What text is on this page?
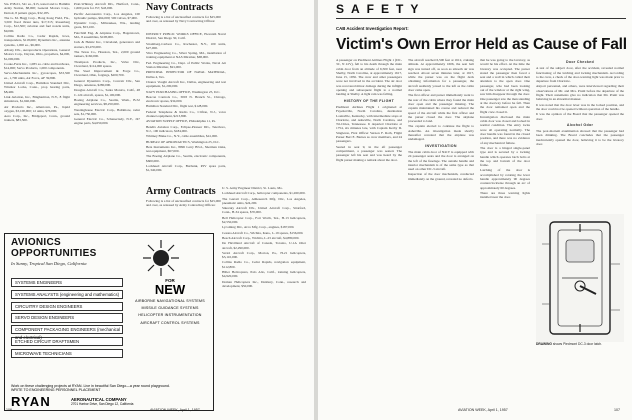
Sta. P38-01, 341 ea., $15, tested and to Hamiltn Army Station, $8,000; General Motors Corp., Detroit, 8 pattern gages, $32,185.

The G. M. Hugg Corp., Hong Kong Field, Fla., 3,500 flood thrust nuts, $17,315; Rosenberg Corp., $12,500; aviation and fuel nozzle units, $9,000.

Collins Radio Co., Cedar Rapids, Iowa, transponders, $118,000; Dynamics Inc., antenna systems, 1,000 ea., $6,000.

Albany Div., Aeroproducts Operations, General Motors Corp., Dayton, Ohio, propellers, $4,000, $1,000,000.

Cooke-Furrs Inc., 1,083 ea. cable and hardware, $14,000; Servo Products, 1,000 components.

Servo-Mechanisms Inc., gyroscopes, $33,500 ea., 1,700 units, Air Force, AF 39,800.

United Aircraft Corp., Hamilton Standard Div., Windsor Locks, Conn., prop bearing parts, $8,400.

Link Aviation, Inc., Binghamton, N.Y., 8 flight simulators, $1,940,000.

Air Products Inc., Allentown, Pa., liquid oxygen, $3,100,000; 12 units, $76,000.

Aero Corp., Inc., Bridgeport, Conn., ground trainers, $83,500.

Pratt-Whitney Aircraft Div., Hartford, Conn., 1,600 parts for J57, $43,000.

Pacific Aeronautics Corp., Los Angeles, 100 hydraulic pumps, $64,000; 500 valves, $7,900.

Dynamic Corp., Milwaukee, Wis., landing gears, $53,100.

Fairchild Eng. & Airplane Corp., Hagerstown, Md., 8 assemblies, $108,000.

Jack & Heintz Inc., Cleveland, generators and starters, $3,470,000.

The Texas Co., Houston, Tex., 2,000 ground tankers, $160,000.

Thompson Products, Inc., Valve Div., Cleveland, $114,000 spares.

The Steel Improvement & Forge Co., Cleveland, Ohio, forgings, $200,700.

General Dynamics Corp., Convair Div., San Diego, antennas, $280,000.

Douglas Aircraft Co., Santa Monica, Calif., 48 C-124 aircraft, spares, $1,100,000.

Boeing Airplane Co., Seattle, Wash., B-52 engineering services, $8,250,000.

Westinghouse Electric Corp., Baltimore, radar sets, $1,750,000.

General Electric Co., Schenectady, N.Y., J47 engine parts, $4,650,000.

Navy Contracts
Following is a list of unclassified contracts for $25,000 and over, as released by Navy Contracting Offices:

DISTRICT PUBLIC WORKS OFFICE, Eleventh Naval District, San Diego 30, Calif.

Stromberg-Carlson Co., Rochester, N.Y., 100 units, $27,000.

Vitro Engineering Co., Silver Spring, Md., installation of training equipment at NAS Miramar, $68,000.

Fed. Engineering Co., Dept. of Public Works, Naval Air Station Miramar, $91,000.

PRINCIPAL INSPECTOR OF NAVAL MATERIAL, Dallas 4, Tex.

Chance Vought Aircraft Inc., Dallas, engineering and test equipment, $1,200,000.

NAVY PURCHASING OFFICE, Washington 25, D.C.

Beacon Controls Co., 3003 N. Branch St., Chicago, electronic spares, $34,000.

Hamilton Standard Div., flight test, $128,000.

Federal Telephone & Radio Co., Clifton, N.J., voice channel equipment, $213,800.

AVIATION SUPPLY OFFICE, Philadelphia 11, Pa.

Bendix Aviation Corp., Eclipse-Pioneer Div., Teterboro, N.J., 100 indicators, $184,000.

Whitney Blake Co., N.Y., cable assemblies, $41,000.

BUREAU OF AERONAUTICS, Washington 25, D.C.

Beta Instruments Inc., 8996 Larry Blvd., Sherman Oaks, test equipment, $67,000.

The Boeing Airplane Co., Seattle, electronic components, $600,000.

Lockheed Aircraft Corp., Burbank, P2V spare parts, $1,340,000.

Army Contracts
Following is a list of unclassified contracts for $25,000 and over, as released by Army Contracting Offices:

U. S. Army Engineer District, St. Louis, Mo.

Lockheed Aircraft Corp., helicopter components, $1,260,000.

The Garrett Corp., AiResearch Mfg. Div., Los Angeles, pneumatic units, $24,200.

Sikorsky Aircraft Div., United Aircraft Corp., Stratford, Conn., H-34 spares, $70,000.

Bell Helicopter Corp., Fort Worth, Tex., H-13 helicopters, $2,550,000.

Lycoming Div., Avco Mfg. Corp., engines, $187,000.

Cessna Aircraft Co., Wichita, Kans., L-19 spares, $156,000.

Beech Aircraft Corp., Wichita, L-23 aircraft, $4,880,000.

De Havilland Aircraft of Canada, Toronto, U-1A Otter aircraft, $2,290,000.

Vertol Aircraft Corp., Morton, Pa., H-21 helicopters, $3,110,000.

Collins Radio Co., Cedar Rapids, navigation equipment, $112,800.

Hiller Helicopters, Palo Alto, Calif., training helicopters, $4,920,000.

Doman Helicopters Inc., Danbury, Conn., research and development, $50,000.

AVIONICS OPPORTUNITIES
In Sunny, Tropical San Diego, California
SYSTEMS ENGINEERS
SYSTEMS ANALYSTS (engineering and mathematics)
CIRCUITRY DESIGN ENGINEERS
SERVO DESIGN ENGINEERS
COMPONENT PACKAGING ENGINEERS (mechanical
ETCHED CIRCUIT DRAFTSMEN
MICROWAVE TECHNICIANS
FOR
NEW
AIRBORNE NAVIGATIONAL SYSTEMS
MISSILE GUIDANCE SYSTEMS
HELICOPTER INSTRUMENTATION
AIRCRAFT CONTROL SYSTEMS
Work on these challenging projects at RYAN. Live in beautiful San Diego—a year round playground.
WRITE TO ENGINEERING PERSONNEL PLACEMENT
RYAN	AERONAUTICAL COMPANY
2701 Harbor Drive, San Diego 12, California
106	AVIATION WEEK, April 1, 1957
SAFETY
CAB Accident Investigation Report:
Victim's Own Error Held as Cause of Fall

A passenger on Piedmont Airlines Flight 1 (DC-3C, N 41V), fell to his death through the main cabin door from an altitude of 6,500 feet, near Shelby, North Carolina, at approximately 1617, June 15, 1956. The crew and other passengers were not involved in the accident. The air door was recovered minor damage during the inflight opening and subsequent flight to a normal landing at Shelby. A light rain was falling.

HISTORY OF THE FLIGHT

Piedmont Airlines Flight 1 originated at Fayetteville, North Carolina, destination Louisville, Kentucky, with intermediate stops at Charlotte, and Asheville, North Carolina, and Tri-Cities, Tennessee. It departed Charlotte at 1754, six minutes late, with Captain Kerby D. Singleton, First Officer Vernon F. Roth, Flight Purser Bert E. Barnes as crew members, and 24 passengers.

Seated in seat 9, in the aft passenger compartment, a passenger was seated. The passenger left his seat and was heard by the flight purser making a remark about the door.

The aircraft reached 6,500 feet at 1612, cruising altitude. At approximately 1606, the seat belt sign was turned off, as soon as smooth air was reached. About seven minutes later, at 1617, while the purser was on the flight deck obtaining information for a passenger, the aircraft suddenly yawed to the left as the cabin door came open.

The first officer and purser immediately went to the rear of the cabin where they found the main door open and the passenger missing. The captain maintained his course and reduced the speed of the aircraft while the first officer and the purser closed the door. The airplane proceeded to land.

The captain elected to continue the flight to Asheville. An investigation made shortly thereafter revealed that the airplane was undamaged.

INVESTIGATION

The main cabin door of N41V is equipped with 24 passenger seats and the door is arranged on the left of the fuselage. The outside handle and interior mechanism is of the same type as that used on other DC-3 aircraft.

Inspection of the door mechanism, conducted immediately on the ground, revealed no defects.

that he was going to the lavatory, as would be his effort. At the time the lavatory was occupied. The purser stated the passenger then faced a seat and a wall in which called their attention to the open door. One passenger, who had been looking out of the window at the right wing, saw him disappear through the door. One passenger saw the man standing at the doorway before he fell. Then the door remained open and the flight crew closed it.

Investigation disclosed the main cabin door was closed and locked in normal condition. The entry locks were all operating normally. The door handle was found in the closed position, and there was no evidence of any mechanical failure.

The door is a hinged single-panel type and is secured by a locking handle which operates latch bolts at the top and bottom of the door frame.

Latching of the door is accomplished by rotating the lever handle approximately 90 degrees counterclockwise through an arc of approximately 60 degrees.

There are three warning lights installed near the door.

Door Checked

A test of the subject door, after the accident, revealed normal functioning of the latching and locking mechanism. According to the crew, a check of the door-warning light was made prior to departure from Charlotte.

Airport personnel, and others, were interviewed regarding their observations of Mr. and Mrs. Pruitt before the departure of the flight. Their statements give no indication that Mr. Pruitt was behaving in an abnormal manner.

It was noted that the door lever was in the locked position, and the door could not be opened without operation of the handle.

It was the opinion of the Board that the passenger opened the door.

Alcohol Odor

The post-mortem examination showed that the passenger had been drinking. The Board concludes that the passenger inadvertently opened the door, believing it to be the lavatory door.

DRAWING shows Piedmont DC-3 door latch.
AVIATION WEEK, April 1, 1957	107
